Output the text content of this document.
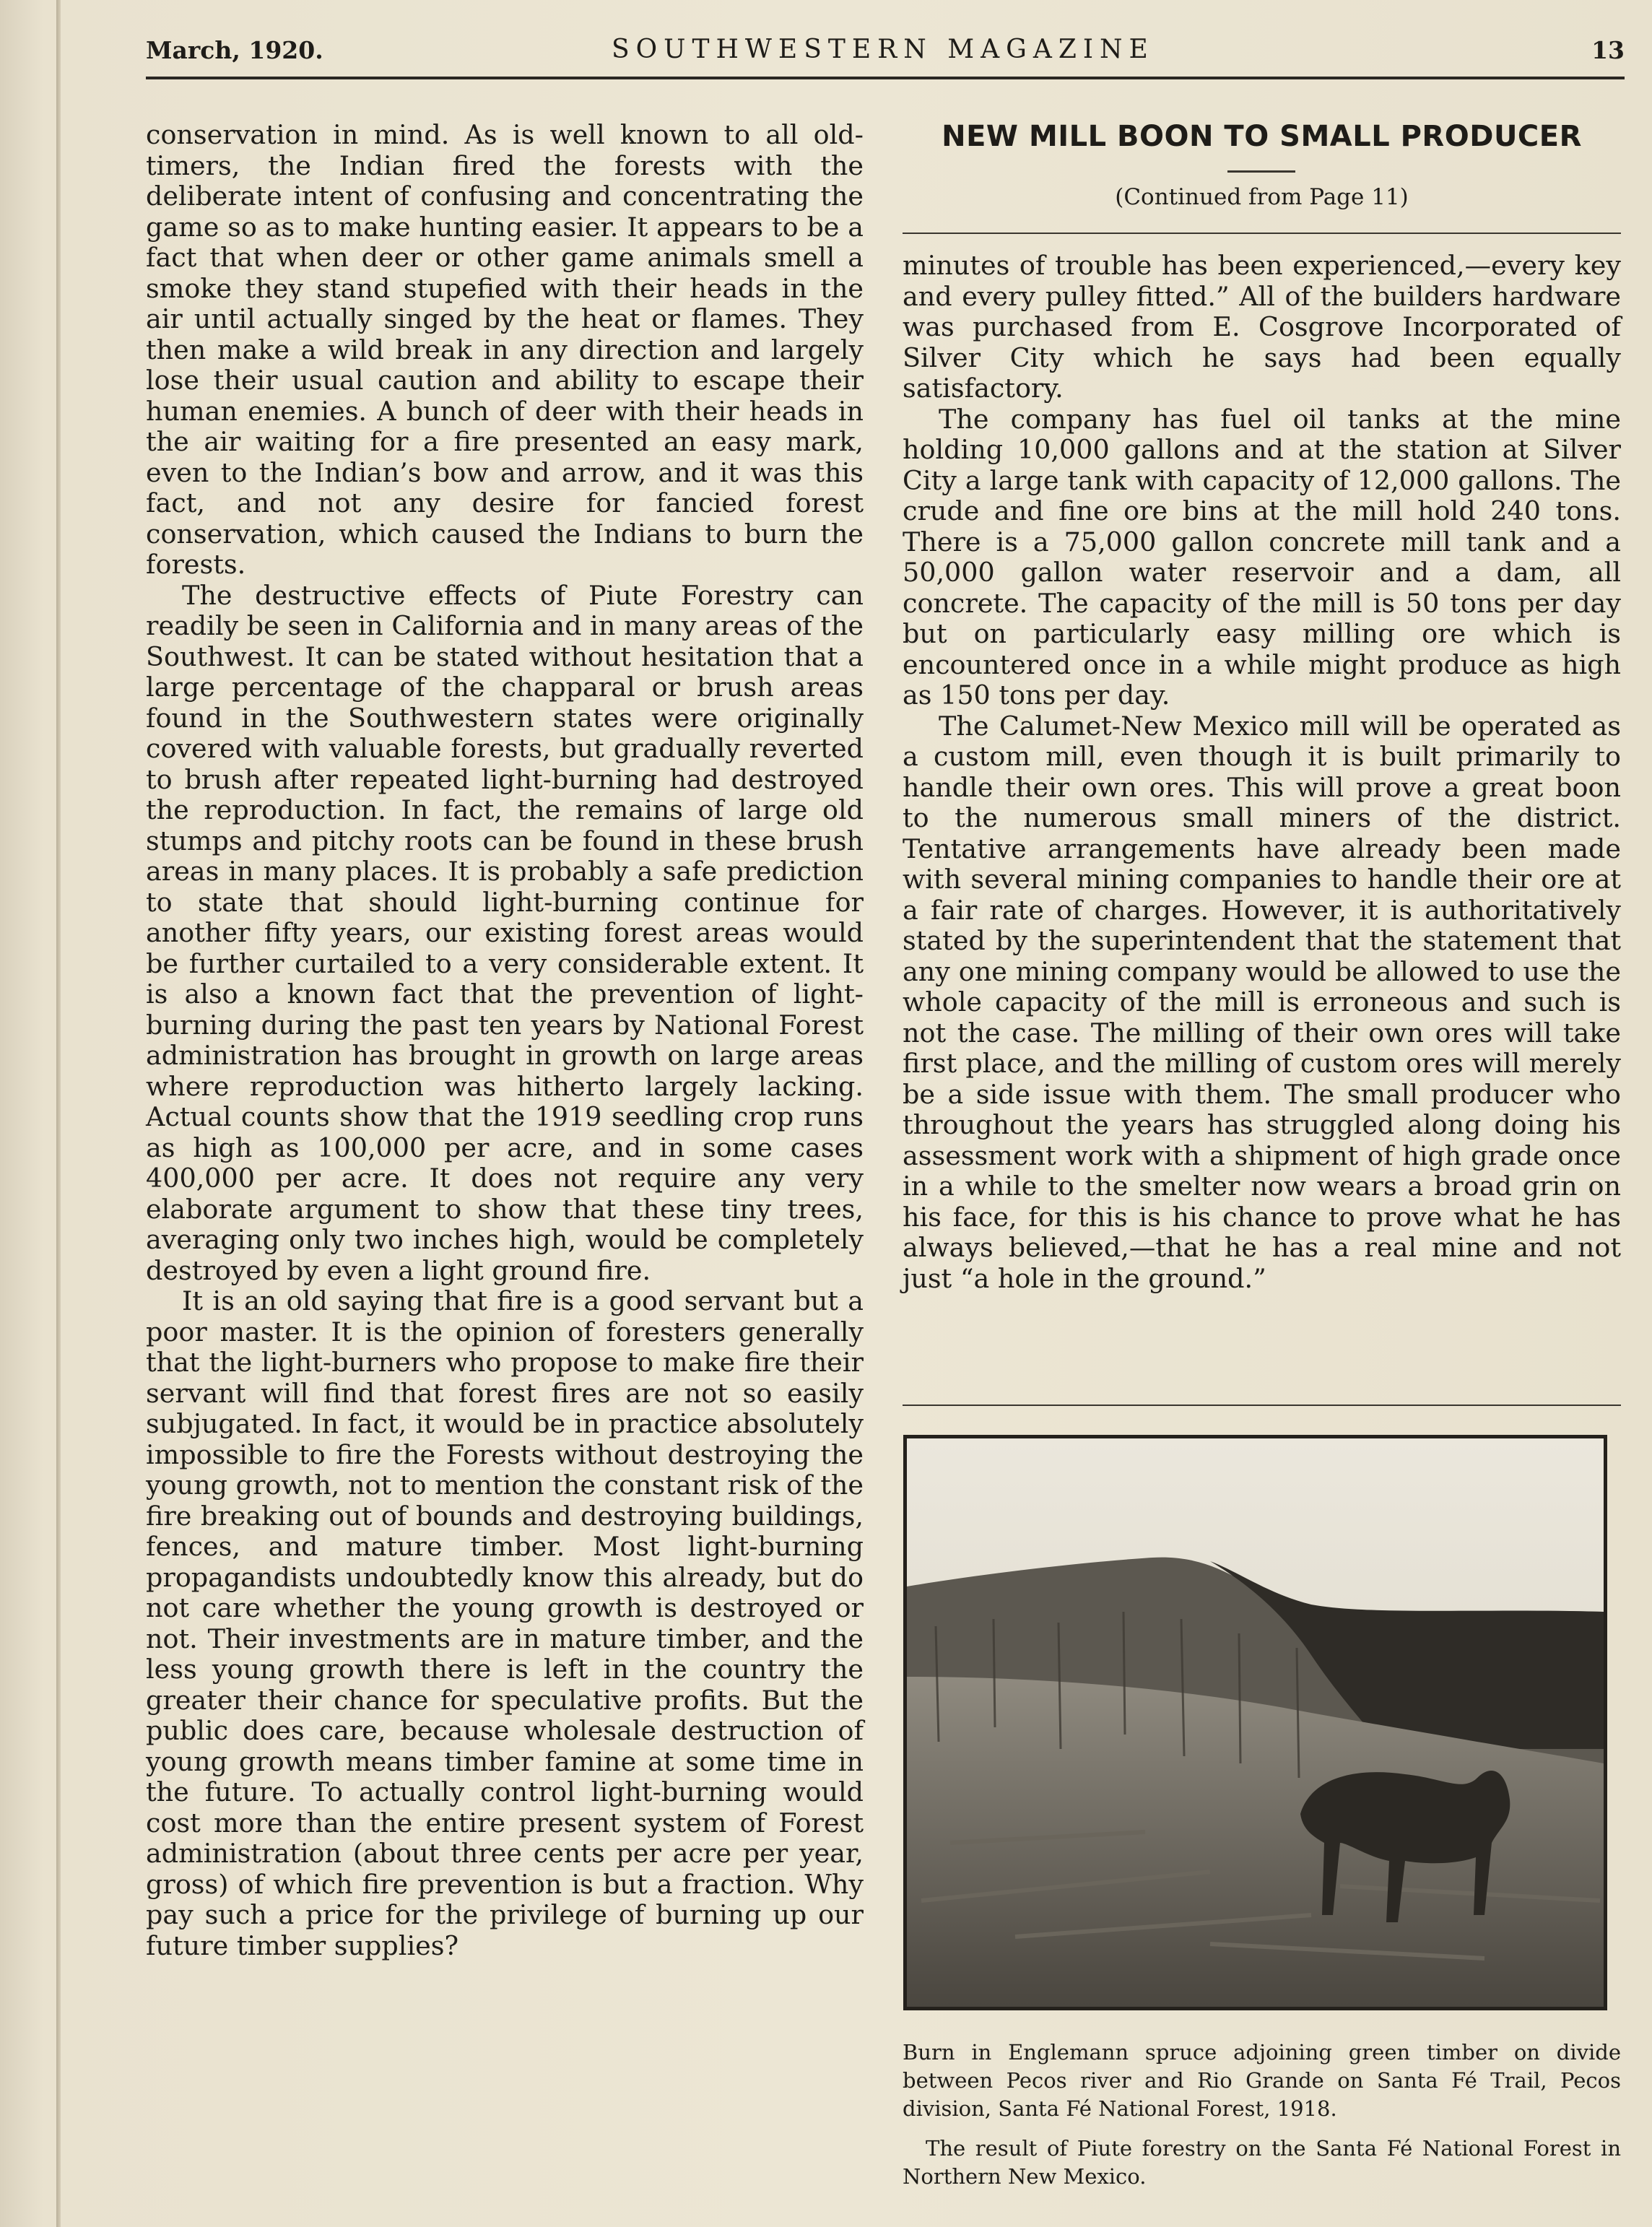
March, 1920.	SOUTHWESTERN MAGAZINE	13

conservation in mind. As is well known to all old-timers, the Indian fired the forests with the deliberate intent of confusing and concentrating the game so as to make hunting easier. It appears to be a fact that when deer or other game animals smell a smoke they stand stupefied with their heads in the air until actually singed by the heat or flames. They then make a wild break in any direction and largely lose their usual caution and ability to escape their human enemies. A bunch of deer with their heads in the air waiting for a fire presented an easy mark, even to the Indian’s bow and arrow, and it was this fact, and not any desire for fancied forest conservation, which caused the Indians to burn the forests.

The destructive effects of Piute Forestry can readily be seen in California and in many areas of the Southwest. It can be stated without hesitation that a large percentage of the chapparal or brush areas found in the Southwestern states were originally covered with valuable forests, but gradually reverted to brush after repeated light-burning had destroyed the reproduction. In fact, the remains of large old stumps and pitchy roots can be found in these brush areas in many places. It is probably a safe prediction to state that should light-burning continue for another fifty years, our existing forest areas would be further curtailed to a very considerable extent. It is also a known fact that the prevention of light-burning during the past ten years by National Forest administration has brought in growth on large areas where reproduction was hitherto largely lacking. Actual counts show that the 1919 seedling crop runs as high as 100,000 per acre, and in some cases 400,000 per acre. It does not require any very elaborate argument to show that these tiny trees, averaging only two inches high, would be completely destroyed by even a light ground fire.

It is an old saying that fire is a good servant but a poor master. It is the opinion of foresters generally that the light-burners who propose to make fire their servant will find that forest fires are not so easily subjugated. In fact, it would be in practice absolutely impossible to fire the Forests without destroying the young growth, not to mention the constant risk of the fire breaking out of bounds and destroying buildings, fences, and mature timber. Most light-burning propagandists undoubtedly know this already, but do not care whether the young growth is destroyed or not. Their investments are in mature timber, and the less young growth there is left in the country the greater their chance for speculative profits. But the public does care, because wholesale destruction of young growth means timber famine at some time in the future. To actually control light-burning would cost more than the entire present system of Forest administration (about three cents per acre per year, gross) of which fire prevention is but a fraction. Why pay such a price for the privilege of burning up our future timber supplies?

NEW MILL BOON TO SMALL PRODUCER
(Continued from Page 11)

minutes of trouble has been experienced,—every key and every pulley fitted.” All of the builders hardware was purchased from E. Cosgrove Incorporated of Silver City which he says had been equally satisfactory.

The company has fuel oil tanks at the mine holding 10,000 gallons and at the station at Silver City a large tank with capacity of 12,000 gallons. The crude and fine ore bins at the mill hold 240 tons. There is a 75,000 gallon concrete mill tank and a 50,000 gallon water reservoir and a dam, all concrete. The capacity of the mill is 50 tons per day but on particularly easy milling ore which is encountered once in a while might produce as high as 150 tons per day.

The Calumet-New Mexico mill will be operated as a custom mill, even though it is built primarily to handle their own ores. This will prove a great boon to the numerous small miners of the district. Tentative arrangements have already been made with several mining companies to handle their ore at a fair rate of charges. However, it is authoritatively stated by the superintendent that the statement that any one mining company would be allowed to use the whole capacity of the mill is erroneous and such is not the case. The milling of their own ores will take first place, and the milling of custom ores will merely be a side issue with them. The small producer who throughout the years has struggled along doing his assessment work with a shipment of high grade once in a while to the smelter now wears a broad grin on his face, for this is his chance to prove what he has always believed,—that he has a real mine and not just “a hole in the ground.”

Burn in Englemann spruce adjoining green timber on divide between Pecos river and Rio Grande on Santa Fé Trail, Pecos division, Santa Fé National Forest, 1918.
The result of Piute forestry on the Santa Fé National Forest in Northern New Mexico.
